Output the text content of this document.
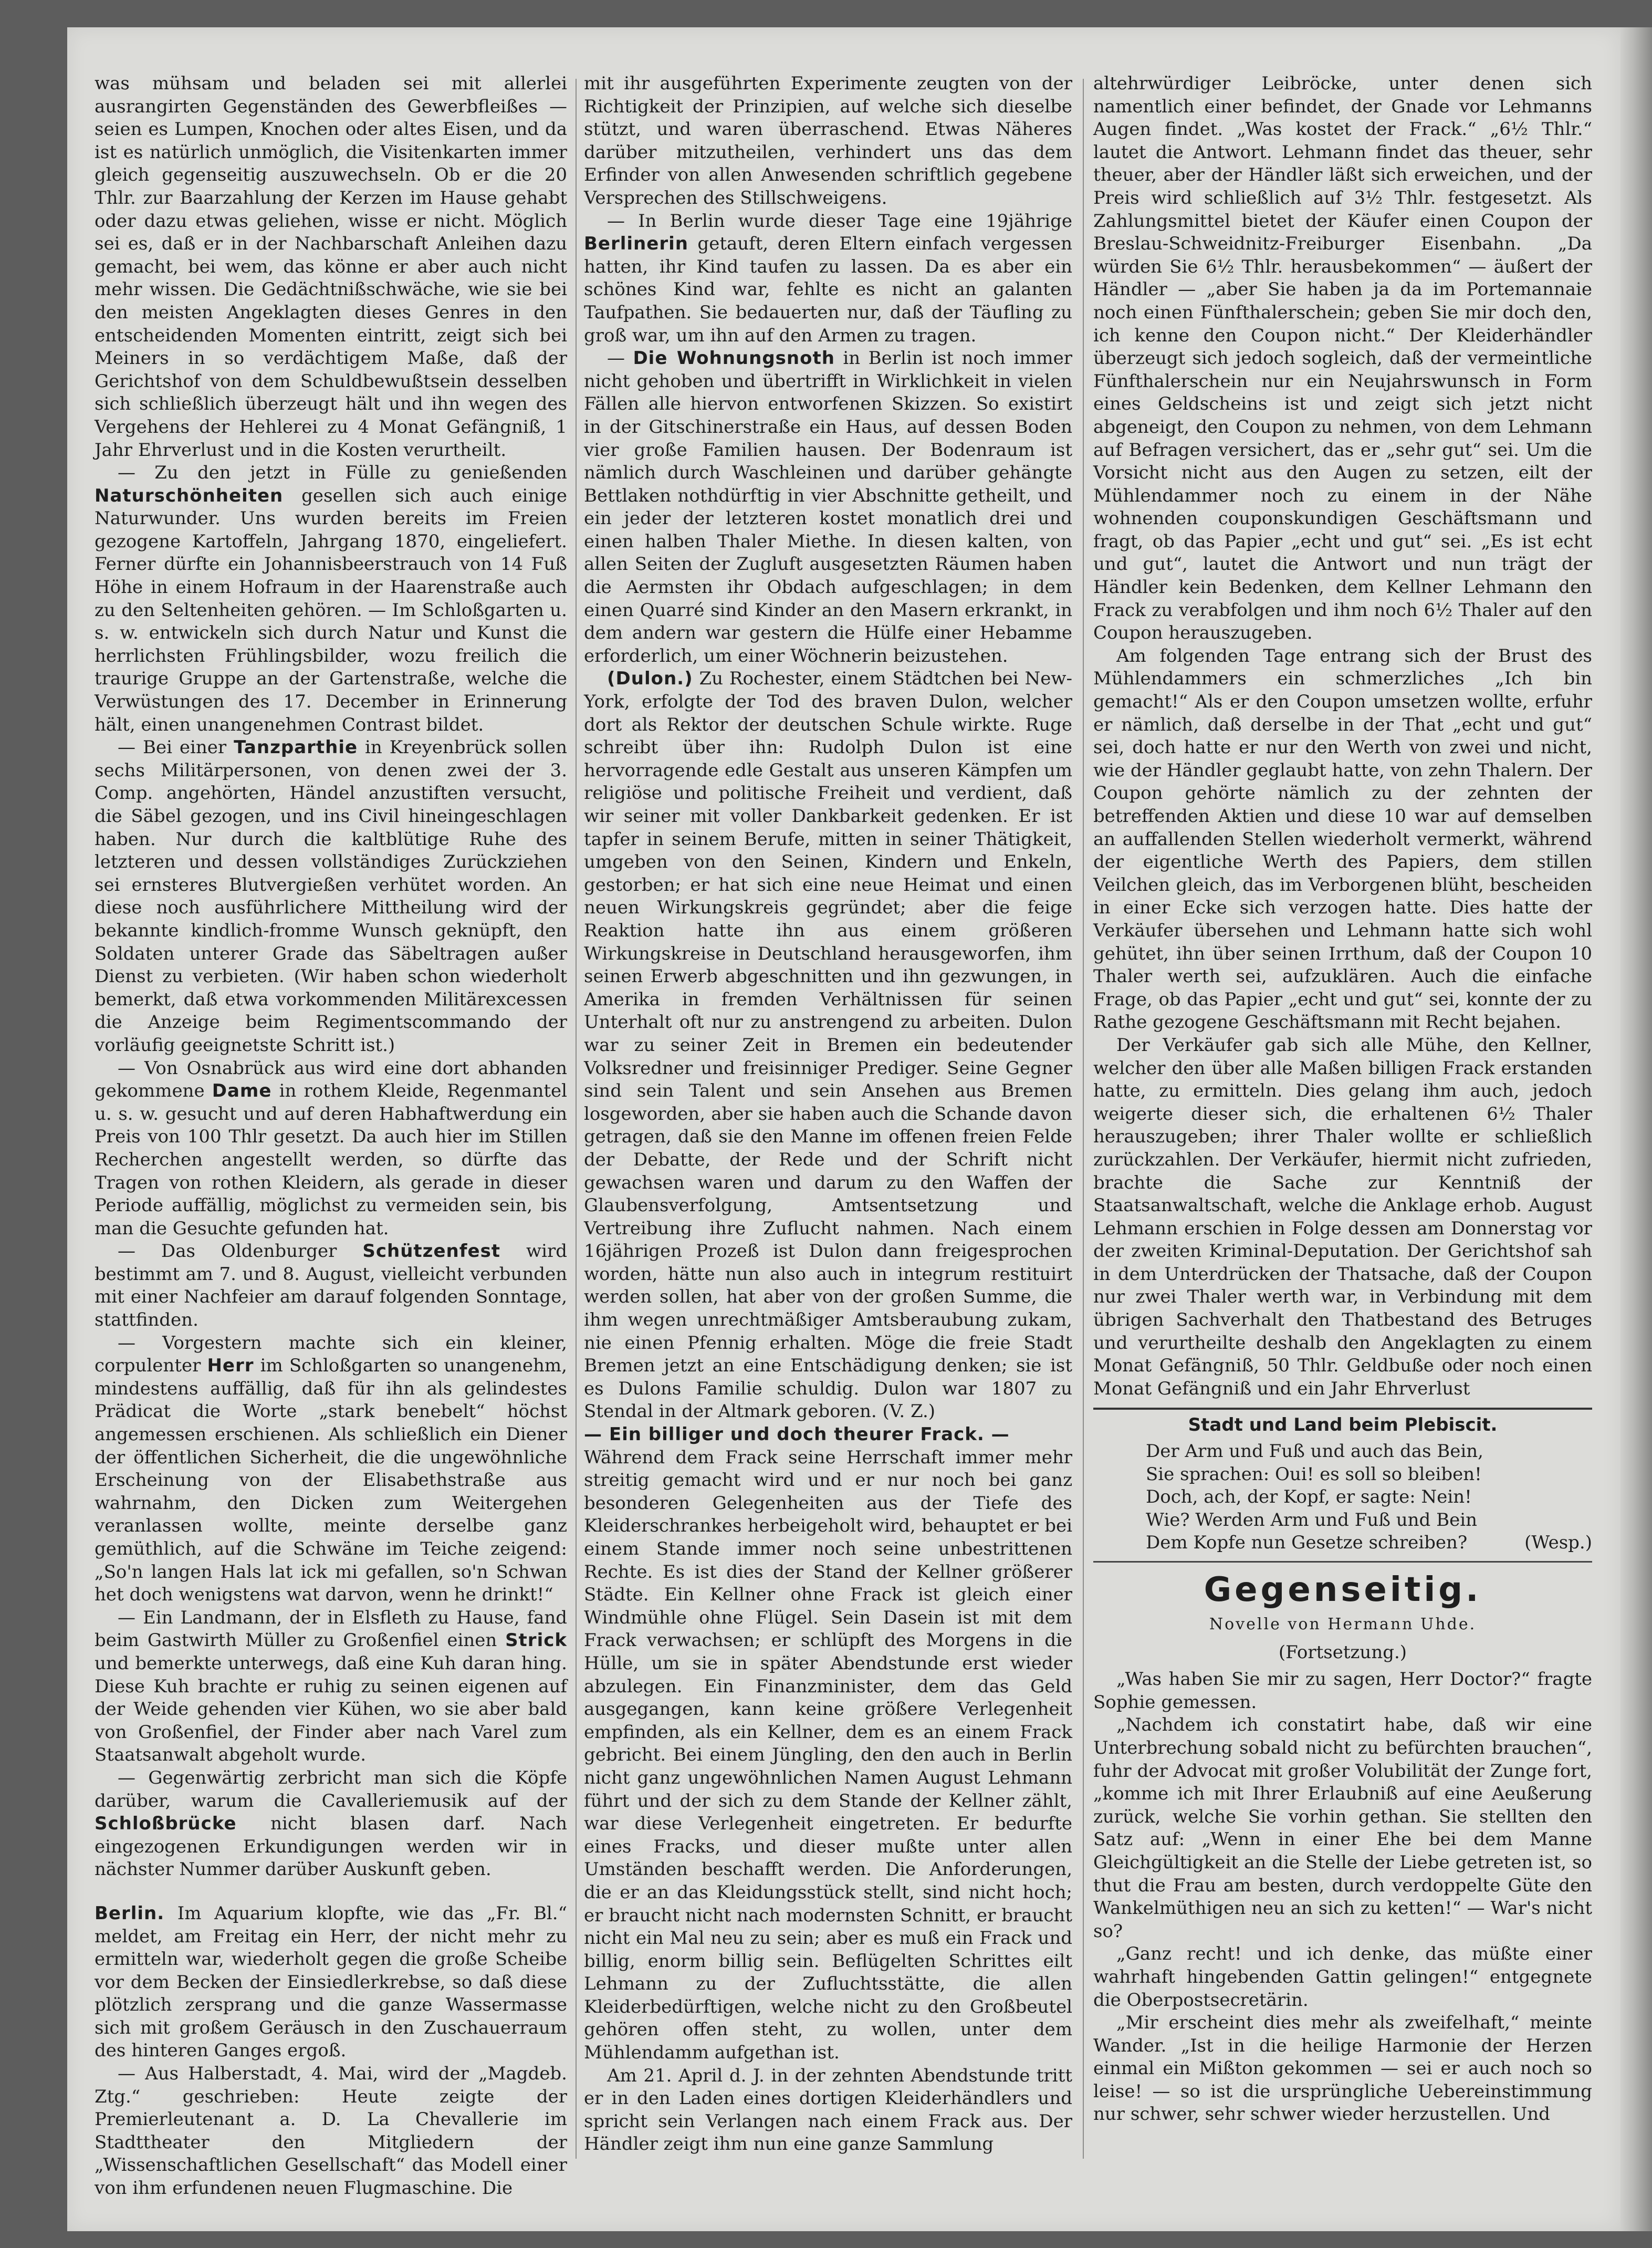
was mühsam und beladen sei mit allerlei ausrangirten Gegenständen des Gewerbfleißes — seien es Lumpen, Knochen oder altes Eisen, und da ist es natürlich unmöglich, die Visitenkarten immer gleich gegenseitig auszuwechseln. Ob er die 20 Thlr. zur Baarzahlung der Kerzen im Hause gehabt oder dazu etwas geliehen, wisse er nicht. Möglich sei es, daß er in der Nachbarschaft Anleihen dazu gemacht, bei wem, das könne er aber auch nicht mehr wissen. Die Gedächtnißschwäche, wie sie bei den meisten Angeklagten dieses Genres in den entscheidenden Momenten eintritt, zeigt sich bei Meiners in so verdächtigem Maße, daß der Gerichtshof von dem Schuldbewußtsein desselben sich schließlich überzeugt hält und ihn wegen des Vergehens der Hehlerei zu 4 Monat Gefängniß, 1 Jahr Ehrverlust und in die Kosten verurtheilt.

— Zu den jetzt in Fülle zu genießenden Naturschönheiten gesellen sich auch einige Naturwunder. Uns wurden bereits im Freien gezogene Kartoffeln, Jahrgang 1870, eingeliefert. Ferner dürfte ein Johannisbeerstrauch von 14 Fuß Höhe in einem Hofraum in der Haarenstraße auch zu den Seltenheiten gehören. — Im Schloßgarten u. s. w. entwickeln sich durch Natur und Kunst die herrlichsten Frühlingsbilder, wozu freilich die traurige Gruppe an der Gartenstraße, welche die Verwüstungen des 17. December in Erinnerung hält, einen unangenehmen Contrast bildet.

— Bei einer Tanzparthie in Kreyenbrück sollen sechs Militärpersonen, von denen zwei der 3. Comp. angehörten, Händel anzustiften versucht, die Säbel gezogen, und ins Civil hineingeschlagen haben. Nur durch die kaltblütige Ruhe des letzteren und dessen vollständiges Zurückziehen sei ernsteres Blutvergießen verhütet worden. An diese noch ausführlichere Mittheilung wird der bekannte kindlich-fromme Wunsch geknüpft, den Soldaten unterer Grade das Säbeltragen außer Dienst zu verbieten. (Wir haben schon wiederholt bemerkt, daß etwa vorkommenden Militärexcessen die Anzeige beim Regimentscommando der vorläufig geeignetste Schritt ist.)

— Von Osnabrück aus wird eine dort abhanden gekommene Dame in rothem Kleide, Regenmantel u. s. w. gesucht und auf deren Habhaftwerdung ein Preis von 100 Thlr gesetzt. Da auch hier im Stillen Recherchen angestellt werden, so dürfte das Tragen von rothen Kleidern, als gerade in dieser Periode auffällig, möglichst zu vermeiden sein, bis man die Gesuchte gefunden hat.

— Das Oldenburger Schützenfest wird bestimmt am 7. und 8. August, vielleicht verbunden mit einer Nachfeier am darauf folgenden Sonntage, stattfinden.

— Vorgestern machte sich ein kleiner, corpulenter Herr im Schloßgarten so unangenehm, mindestens auffällig, daß für ihn als gelindestes Prädicat die Worte „stark benebelt“ höchst angemessen erschienen. Als schließlich ein Diener der öffentlichen Sicherheit, die die ungewöhnliche Erscheinung von der Elisabethstraße aus wahrnahm, den Dicken zum Weitergehen veranlassen wollte, meinte derselbe ganz gemüthlich, auf die Schwäne im Teiche zeigend: „So'n langen Hals lat ick mi gefallen, so'n Schwan het doch wenigstens wat darvon, wenn he drinkt!“

— Ein Landmann, der in Elsfleth zu Hause, fand beim Gastwirth Müller zu Großenfiel einen Strick und bemerkte unterwegs, daß eine Kuh daran hing. Diese Kuh brachte er ruhig zu seinen eigenen auf der Weide gehenden vier Kühen, wo sie aber bald von Großenfiel, der Finder aber nach Varel zum Staatsanwalt abgeholt wurde.

— Gegenwärtig zerbricht man sich die Köpfe darüber, warum die Cavalleriemusik auf der Schloßbrücke nicht blasen darf. Nach eingezogenen Erkundigungen werden wir in nächster Nummer darüber Auskunft geben.

Berlin. Im Aquarium klopfte, wie das „Fr. Bl.“ meldet, am Freitag ein Herr, der nicht mehr zu ermitteln war, wiederholt gegen die große Scheibe vor dem Becken der Einsiedlerkrebse, so daß diese plötzlich zersprang und die ganze Wassermasse sich mit großem Geräusch in den Zuschauerraum des hinteren Ganges ergoß.

— Aus Halberstadt, 4. Mai, wird der „Magdeb. Ztg.“ geschrieben: Heute zeigte der Premierleutenant a. D. La Chevallerie im Stadttheater den Mitgliedern der „Wissenschaftlichen Gesellschaft“ das Modell einer von ihm erfundenen neuen Flugmaschine. Die

mit ihr ausgeführten Experimente zeugten von der Richtigkeit der Prinzipien, auf welche sich dieselbe stützt, und waren überraschend. Etwas Näheres darüber mitzutheilen, verhindert uns das dem Erfinder von allen Anwesenden schriftlich gegebene Versprechen des Stillschweigens.

— In Berlin wurde dieser Tage eine 19jährige Berlinerin getauft, deren Eltern einfach vergessen hatten, ihr Kind taufen zu lassen. Da es aber ein schönes Kind war, fehlte es nicht an galanten Taufpathen. Sie bedauerten nur, daß der Täufling zu groß war, um ihn auf den Armen zu tragen.

— Die Wohnungsnoth in Berlin ist noch immer nicht gehoben und übertrifft in Wirklichkeit in vielen Fällen alle hiervon entworfenen Skizzen. So existirt in der Gitschinerstraße ein Haus, auf dessen Boden vier große Familien hausen. Der Bodenraum ist nämlich durch Waschleinen und darüber gehängte Bettlaken nothdürftig in vier Abschnitte getheilt, und ein jeder der letzteren kostet monatlich drei und einen halben Thaler Miethe. In diesen kalten, von allen Seiten der Zugluft ausgesetzten Räumen haben die Aermsten ihr Obdach aufgeschlagen; in dem einen Quarré sind Kinder an den Masern erkrankt, in dem andern war gestern die Hülfe einer Hebamme erforderlich, um einer Wöchnerin beizustehen.

(Dulon.) Zu Rochester, einem Städtchen bei New-York, erfolgte der Tod des braven Dulon, welcher dort als Rektor der deutschen Schule wirkte. Ruge schreibt über ihn: Rudolph Dulon ist eine hervorragende edle Gestalt aus unseren Kämpfen um religiöse und politische Freiheit und verdient, daß wir seiner mit voller Dankbarkeit gedenken. Er ist tapfer in seinem Berufe, mitten in seiner Thätigkeit, umgeben von den Seinen, Kindern und Enkeln, gestorben; er hat sich eine neue Heimat und einen neuen Wirkungskreis gegründet; aber die feige Reaktion hatte ihn aus einem größeren Wirkungskreise in Deutschland herausgeworfen, ihm seinen Erwerb abgeschnitten und ihn gezwungen, in Amerika in fremden Verhältnissen für seinen Unterhalt oft nur zu anstrengend zu arbeiten. Dulon war zu seiner Zeit in Bremen ein bedeutender Volksredner und freisinniger Prediger. Seine Gegner sind sein Talent und sein Ansehen aus Bremen losgeworden, aber sie haben auch die Schande davon getragen, daß sie den Manne im offenen freien Felde der Debatte, der Rede und der Schrift nicht gewachsen waren und darum zu den Waffen der Glaubensverfolgung, Amtsentsetzung und Vertreibung ihre Zuflucht nahmen. Nach einem 16jährigen Prozeß ist Dulon dann freigesprochen worden, hätte nun also auch in integrum restituirt werden sollen, hat aber von der großen Summe, die ihm wegen unrechtmäßiger Amtsberaubung zukam, nie einen Pfennig erhalten. Möge die freie Stadt Bremen jetzt an eine Entschädigung denken; sie ist es Dulons Familie schuldig. Dulon war 1807 zu Stendal in der Altmark geboren. (V. Z.)

— Ein billiger und doch theurer Frack. —

Während dem Frack seine Herrschaft immer mehr streitig gemacht wird und er nur noch bei ganz besonderen Gelegenheiten aus der Tiefe des Kleiderschrankes herbeigeholt wird, behauptet er bei einem Stande immer noch seine unbestrittenen Rechte. Es ist dies der Stand der Kellner größerer Städte. Ein Kellner ohne Frack ist gleich einer Windmühle ohne Flügel. Sein Dasein ist mit dem Frack verwachsen; er schlüpft des Morgens in die Hülle, um sie in später Abendstunde erst wieder abzulegen. Ein Finanzminister, dem das Geld ausgegangen, kann keine größere Verlegenheit empfinden, als ein Kellner, dem es an einem Frack gebricht. Bei einem Jüngling, den den auch in Berlin nicht ganz ungewöhnlichen Namen August Lehmann führt und der sich zu dem Stande der Kellner zählt, war diese Verlegenheit eingetreten. Er bedurfte eines Fracks, und dieser mußte unter allen Umständen beschafft werden. Die Anforderungen, die er an das Kleidungsstück stellt, sind nicht hoch; er braucht nicht nach modernsten Schnitt, er braucht nicht ein Mal neu zu sein; aber es muß ein Frack und billig, enorm billig sein. Beflügelten Schrittes eilt Lehmann zu der Zufluchtsstätte, die allen Kleiderbedürftigen, welche nicht zu den Großbeutel gehören offen steht, zu wollen, unter dem Mühlendamm aufgethan ist.

Am 21. April d. J. in der zehnten Abendstunde tritt er in den Laden eines dortigen Kleiderhändlers und spricht sein Verlangen nach einem Frack aus. Der Händler zeigt ihm nun eine ganze Sammlung

altehrwürdiger Leibröcke, unter denen sich namentlich einer befindet, der Gnade vor Lehmanns Augen findet. „Was kostet der Frack.“ „6½ Thlr.“ lautet die Antwort. Lehmann findet das theuer, sehr theuer, aber der Händler läßt sich erweichen, und der Preis wird schließlich auf 3½ Thlr. festgesetzt. Als Zahlungsmittel bietet der Käufer einen Coupon der Breslau-Schweidnitz-Freiburger Eisenbahn. „Da würden Sie 6½ Thlr. herausbekommen“ — äußert der Händler — „aber Sie haben ja da im Portemannaie noch einen Fünfthalerschein; geben Sie mir doch den, ich kenne den Coupon nicht.“ Der Kleiderhändler überzeugt sich jedoch sogleich, daß der vermeintliche Fünfthalerschein nur ein Neujahrswunsch in Form eines Geldscheins ist und zeigt sich jetzt nicht abgeneigt, den Coupon zu nehmen, von dem Lehmann auf Befragen versichert, das er „sehr gut“ sei. Um die Vorsicht nicht aus den Augen zu setzen, eilt der Mühlendammer noch zu einem in der Nähe wohnenden couponskundigen Geschäftsmann und fragt, ob das Papier „echt und gut“ sei. „Es ist echt und gut“, lautet die Antwort und nun trägt der Händler kein Bedenken, dem Kellner Lehmann den Frack zu verabfolgen und ihm noch 6½ Thaler auf den Coupon herauszugeben.

Am folgenden Tage entrang sich der Brust des Mühlendammers ein schmerzliches „Ich bin gemacht!“ Als er den Coupon umsetzen wollte, erfuhr er nämlich, daß derselbe in der That „echt und gut“ sei, doch hatte er nur den Werth von zwei und nicht, wie der Händler geglaubt hatte, von zehn Thalern. Der Coupon gehörte nämlich zu der zehnten der betreffenden Aktien und diese 10 war auf demselben an auffallenden Stellen wiederholt vermerkt, während der eigentliche Werth des Papiers, dem stillen Veilchen gleich, das im Verborgenen blüht, bescheiden in einer Ecke sich verzogen hatte. Dies hatte der Verkäufer übersehen und Lehmann hatte sich wohl gehütet, ihn über seinen Irrthum, daß der Coupon 10 Thaler werth sei, aufzuklären. Auch die einfache Frage, ob das Papier „echt und gut“ sei, konnte der zu Rathe gezogene Geschäftsmann mit Recht bejahen.

Der Verkäufer gab sich alle Mühe, den Kellner, welcher den über alle Maßen billigen Frack erstanden hatte, zu ermitteln. Dies gelang ihm auch, jedoch weigerte dieser sich, die erhaltenen 6½ Thaler herauszugeben; ihrer Thaler wollte er schließlich zurückzahlen. Der Verkäufer, hiermit nicht zufrieden, brachte die Sache zur Kenntniß der Staatsanwaltschaft, welche die Anklage erhob. August Lehmann erschien in Folge dessen am Donnerstag vor der zweiten Kriminal-Deputation. Der Gerichtshof sah in dem Unterdrücken der Thatsache, daß der Coupon nur zwei Thaler werth war, in Verbindung mit dem übrigen Sachverhalt den Thatbestand des Betruges und verurtheilte deshalb den Angeklagten zu einem Monat Gefängniß, 50 Thlr. Geldbuße oder noch einen Monat Gefängniß und ein Jahr Ehrverlust

Stadt und Land beim Plebiscit.
Der Arm und Fuß und auch das Bein,
Sie sprachen: Oui! es soll so bleiben!
Doch, ach, der Kopf, er sagte: Nein!
Wie? Werden Arm und Fuß und Bein
Dem Kopfe nun Gesetze schreiben?	(Wesp.)
Gegenseitig.
Novelle von Hermann Uhde.
(Fortsetzung.)

„Was haben Sie mir zu sagen, Herr Doctor?“ fragte Sophie gemessen.

„Nachdem ich constatirt habe, daß wir eine Unterbrechung sobald nicht zu befürchten brauchen“, fuhr der Advocat mit großer Volubilität der Zunge fort, „komme ich mit Ihrer Erlaubniß auf eine Aeußerung zurück, welche Sie vorhin gethan. Sie stellten den Satz auf: „Wenn in einer Ehe bei dem Manne Gleichgültigkeit an die Stelle der Liebe getreten ist, so thut die Frau am besten, durch verdoppelte Güte den Wankelmüthigen neu an sich zu ketten!“ — War's nicht so?

„Ganz recht! und ich denke, das müßte einer wahrhaft hingebenden Gattin gelingen!“ entgegnete die Oberpostsecretärin.

„Mir erscheint dies mehr als zweifelhaft,“ meinte Wander. „Ist in die heilige Harmonie der Herzen einmal ein Mißton gekommen — sei er auch noch so leise! — so ist die ursprüngliche Uebereinstimmung nur schwer, sehr schwer wieder herzustellen. Und
